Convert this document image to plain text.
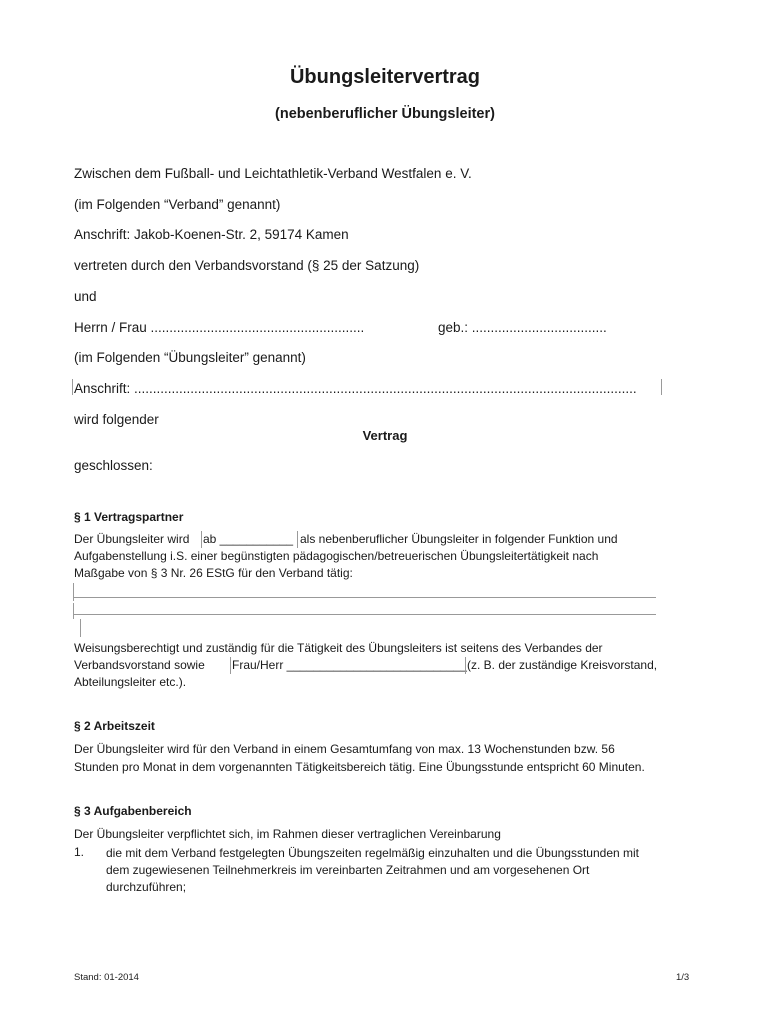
Übungsleitervertrag
(nebenberuflicher Übungsleiter)
Zwischen dem Fußball- und Leichtathletik-Verband Westfalen e. V.
(im Folgenden “Verband” genannt)
Anschrift: Jakob-Koenen-Str. 2, 59174 Kamen
vertreten durch den Verbandsvorstand (§ 25 der Satzung)
und
Herrn / Frau .........................................................	geb.: ....................................
(im Folgenden “Übungsleiter” genannt)
Anschrift: ......................................................................................................................................
wird folgender
Vertrag
geschlossen:
§ 1 Vertragspartner
Der Übungsleiter wird ab ___________ als nebenberuflicher Übungsleiter in folgender Funktion und
Aufgabenstellung i.S. einer begünstigten pädagogischen/betreuerischen Übungsleitertätigkeit nach
Maßgabe von § 3 Nr. 26 EStG für den Verband tätig:
Weisungsberechtigt und zuständig für die Tätigkeit des Übungsleiters ist seitens des Verbandes der
Verbandsvorstand sowie Frau/Herr ___________________________ (z. B. der zuständige Kreisvorstand,
Abteilungsleiter etc.).
§ 2 Arbeitszeit
Der Übungsleiter wird für den Verband in einem Gesamtumfang von max. 13 Wochenstunden bzw. 56
Stunden pro Monat in dem vorgenannten Tätigkeitsbereich tätig. Eine Übungsstunde entspricht 60 Minuten.
§ 3 Aufgabenbereich
Der Übungsleiter verpflichtet sich, im Rahmen dieser vertraglichen Vereinbarung
1. die mit dem Verband festgelegten Übungszeiten regelmäßig einzuhalten und die Übungsstunden mit
dem zugewiesenen Teilnehmerkreis im vereinbarten Zeitrahmen und am vorgesehenen Ort
durchzuführen;
Stand: 01-2014	1/3
